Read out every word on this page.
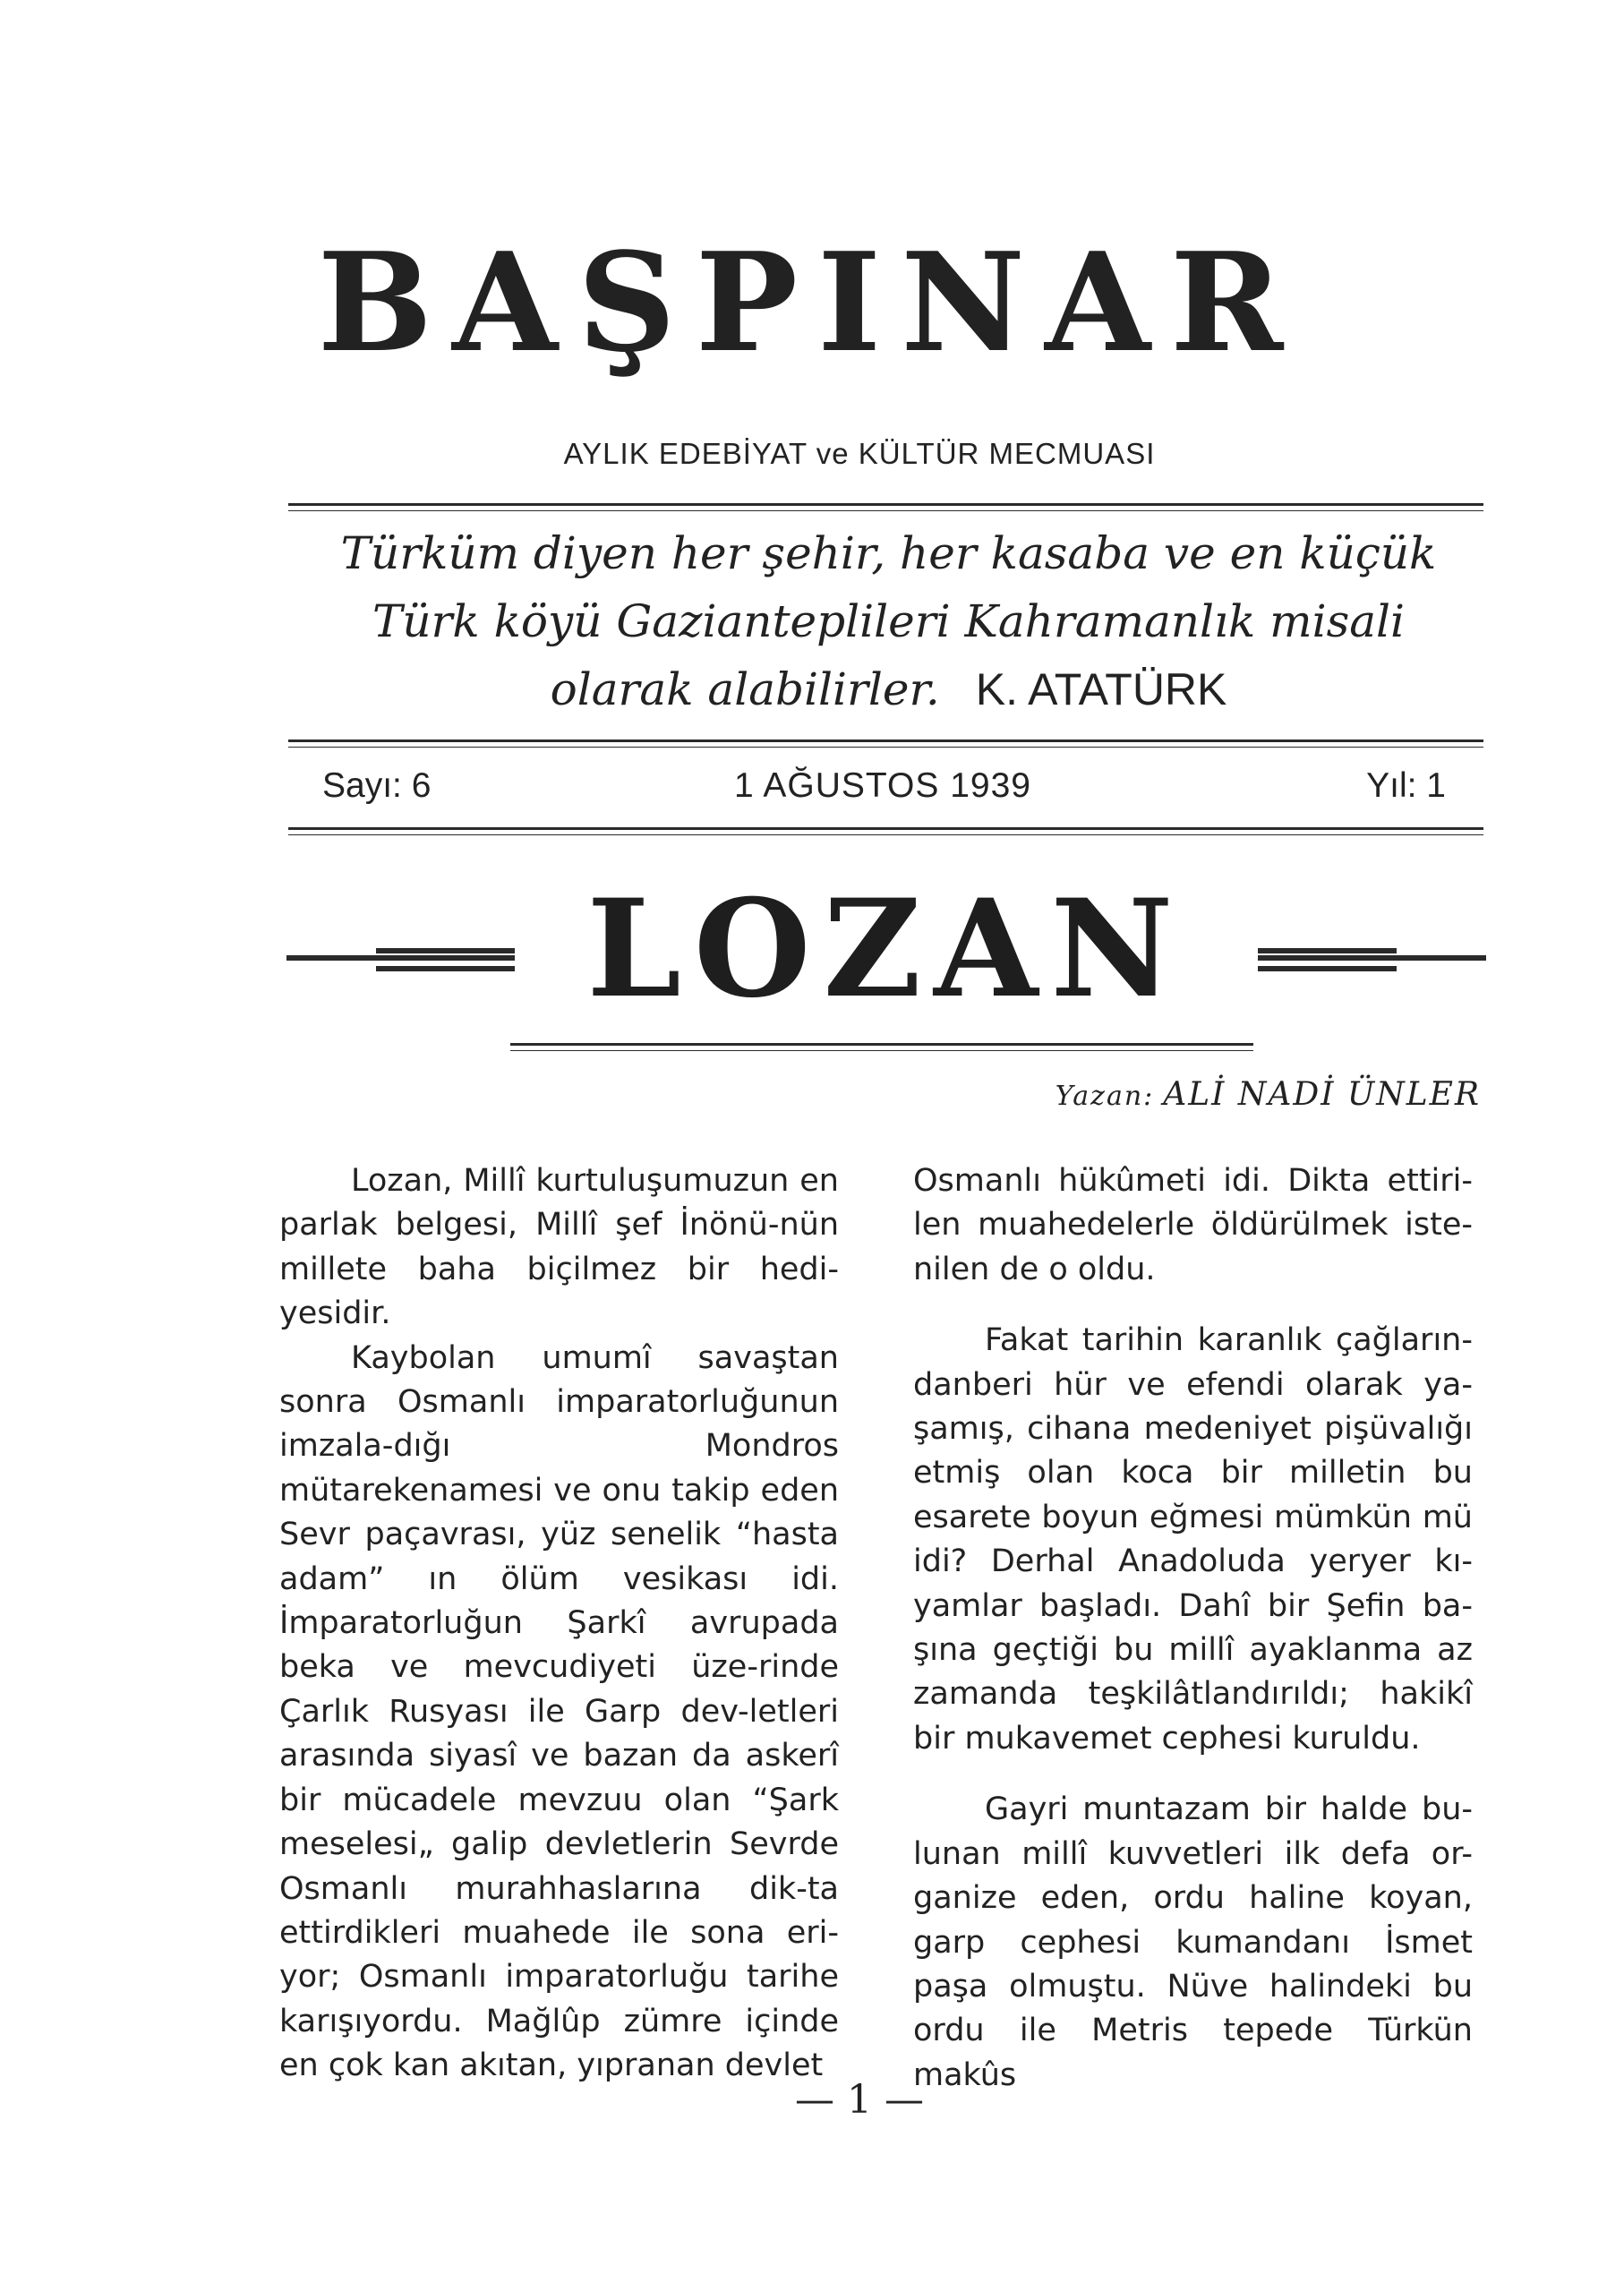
BAŞPINAR
AYLIK EDEBİYAT ve KÜLTÜR MECMUASI
Türküm diyen her şehir, her kasaba ve en küçük
Türk köyü Gazianteplileri Kahramanlık misali
olarak alabilirler. K. ATATÜRK
Sayı: 6	1 AĞUSTOS 1939	Yıl: 1
LOZAN
Yazan: ALİ NADİ ÜNLER

Lozan, Millî kurtuluşumuzun en parlak belgesi, Millî şef İnönü-nün millete baha biçilmez bir hedi-yesidir.

Kaybolan umumî savaştan sonra Osmanlı imparatorluğunun imzala-dığı Mondros mütarekenamesi ve onu takip eden Sevr paçavrası, yüz senelik “hasta adam” ın ölüm vesikası idi. İmparatorluğun Şarkî avrupada beka ve mevcudiyeti üze-rinde Çarlık Rusyası ile Garp dev-letleri arasında siyasî ve bazan da askerî bir mücadele mevzuu olan “Şark meselesi„ galip devletlerin Sevrde Osmanlı murahhaslarına dik-ta ettirdikleri muahede ile sona eri-yor; Osmanlı imparatorluğu tarihe karışıyordu. Mağlûp zümre içinde en çok kan akıtan, yıpranan devlet

Osmanlı hükûmeti idi. Dikta ettiri-len muahedelerle öldürülmek iste-nilen de o oldu.

Fakat tarihin karanlık çağların-danberi hür ve efendi olarak ya-şamış, cihana medeniyet pişüvalığı etmiş olan koca bir milletin bu esarete boyun eğmesi mümkün mü idi? Derhal Anadoluda yeryer kı-yamlar başladı. Dahî bir Şefin ba-şına geçtiği bu millî ayaklanma az zamanda teşkilâtlandırıldı; hakikî bir mukavemet cephesi kuruldu.

Gayri muntazam bir halde bu-lunan millî kuvvetleri ilk defa or-ganize eden, ordu haline koyan, garp cephesi kumandanı İsmet paşa olmuştu. Nüve halindeki bu ordu ile Metris tepede Türkün makûs

— 1 —
